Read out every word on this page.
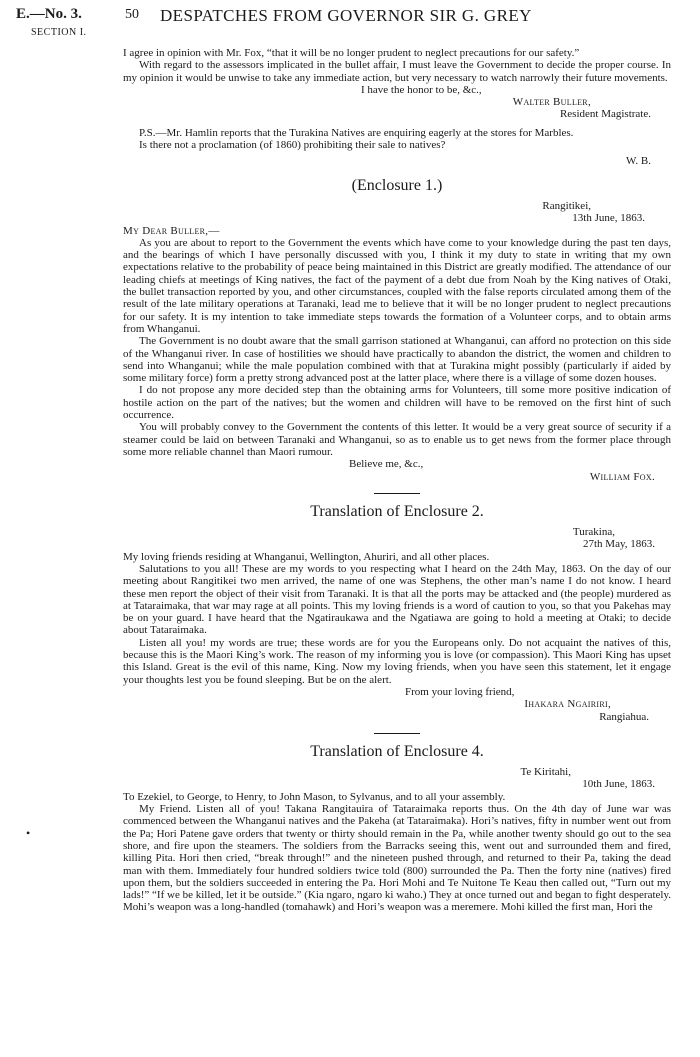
E.—No. 3.
SECTION I.
50 DESPATCHES FROM GOVERNOR SIR G. GREY
•

I agree in opinion with Mr. Fox, “that it will be no longer prudent to neglect precautions for our safety.”

With regard to the assessors implicated in the bullet affair, I must leave the Government to decide the proper course. In my opinion it would be unwise to take any immediate action, but very necessary to watch narrowly their future movements.

I have the honor to be, &c.,

Walter Buller,

Resident Magistrate.

P.S.—Mr. Hamlin reports that the Turakina Natives are enquiring eagerly at the stores for Marbles.

Is there not a proclamation (of 1860) prohibiting their sale to natives?

W. B.

(Enclosure 1.)

Rangitikei,

13th June, 1863.

My Dear Buller,—

As you are about to report to the Government the events which have come to your knowledge during the past ten days, and the bearings of which I have personally discussed with you, I think it my duty to state in writing that my own expectations relative to the probability of peace being maintained in this District are greatly modified. The attendance of our leading chiefs at meetings of King natives, the fact of the payment of a debt due from Noah by the King natives of Otaki, the bullet transaction reported by you, and other circumstances, coupled with the false reports circulated among them of the result of the late military operations at Taranaki, lead me to believe that it will be no longer prudent to neglect precautions for our safety. It is my intention to take immediate steps towards the formation of a Volunteer corps, and to obtain arms from Whanganui.

The Government is no doubt aware that the small garrison stationed at Whanganui, can afford no protection on this side of the Whanganui river. In case of hostilities we should have practically to abandon the district, the women and children to send into Whanganui; while the male population combined with that at Turakina might possibly (particularly if aided by some military force) form a pretty strong advanced post at the latter place, where there is a village of some dozen houses.

I do not propose any more decided step than the obtaining arms for Volunteers, till some more positive indication of hostile action on the part of the natives; but the women and children will have to be removed on the first hint of such occurrence.

You will probably convey to the Government the contents of this letter. It would be a very great source of security if a steamer could be laid on between Taranaki and Whanganui, so as to enable us to get news from the former place through some more reliable channel than Maori rumour.

Believe me, &c.,

William Fox.

Translation of Enclosure 2.

Turakina,

27th May, 1863.

My loving friends residing at Whanganui, Wellington, Ahuriri, and all other places.

Salutations to you all! These are my words to you respecting what I heard on the 24th May, 1863. On the day of our meeting about Rangitikei two men arrived, the name of one was Stephens, the other man’s name I do not know. I heard these men report the object of their visit from Taranaki. It is that all the ports may be attacked and (the people) murdered as at Tataraimaka, that war may rage at all points. This my loving friends is a word of caution to you, so that you Pakehas may be on your guard. I have heard that the Ngatiraukawa and the Ngatiawa are going to hold a meeting at Otaki; to decide about Tataraimaka.

Listen all you! my words are true; these words are for you the Europeans only. Do not acquaint the natives of this, because this is the Maori King’s work. The reason of my informing you is love (or compassion). This Maori King has upset this Island. Great is the evil of this name, King. Now my loving friends, when you have seen this statement, let it engage your thoughts lest you be found sleeping. But be on the alert.

From your loving friend,

Ihakara Ngairiri,

Rangiahua.

Translation of Enclosure 4.

Te Kiritahi,

10th June, 1863.

To Ezekiel, to George, to Henry, to John Mason, to Sylvanus, and to all your assembly.

My Friend. Listen all of you! Takana Rangitauira of Tataraimaka reports thus. On the 4th day of June war was commenced between the Whanganui natives and the Pakeha (at Tataraimaka). Hori’s natives, fifty in number went out from the Pa; Hori Patene gave orders that twenty or thirty should remain in the Pa, while another twenty should go out to the sea shore, and fire upon the steamers. The soldiers from the Barracks seeing this, went out and surrounded them and fired, killing Pita. Hori then cried, “break through!” and the nineteen pushed through, and returned to their Pa, taking the dead man with them. Immediately four hundred soldiers twice told (800) surrounded the Pa. Then the forty nine (natives) fired upon them, but the soldiers succeeded in entering the Pa. Hori Mohi and Te Nuitone Te Keau then called out, “Turn out my lads!” “If we be killed, let it be outside.” (Kia ngaro, ngaro ki waho.) They at once turned out and began to fight desperately. Mohi’s weapon was a long-handled (tomahawk) and Hori’s weapon was a meremere. Mohi killed the first man, Hori the
